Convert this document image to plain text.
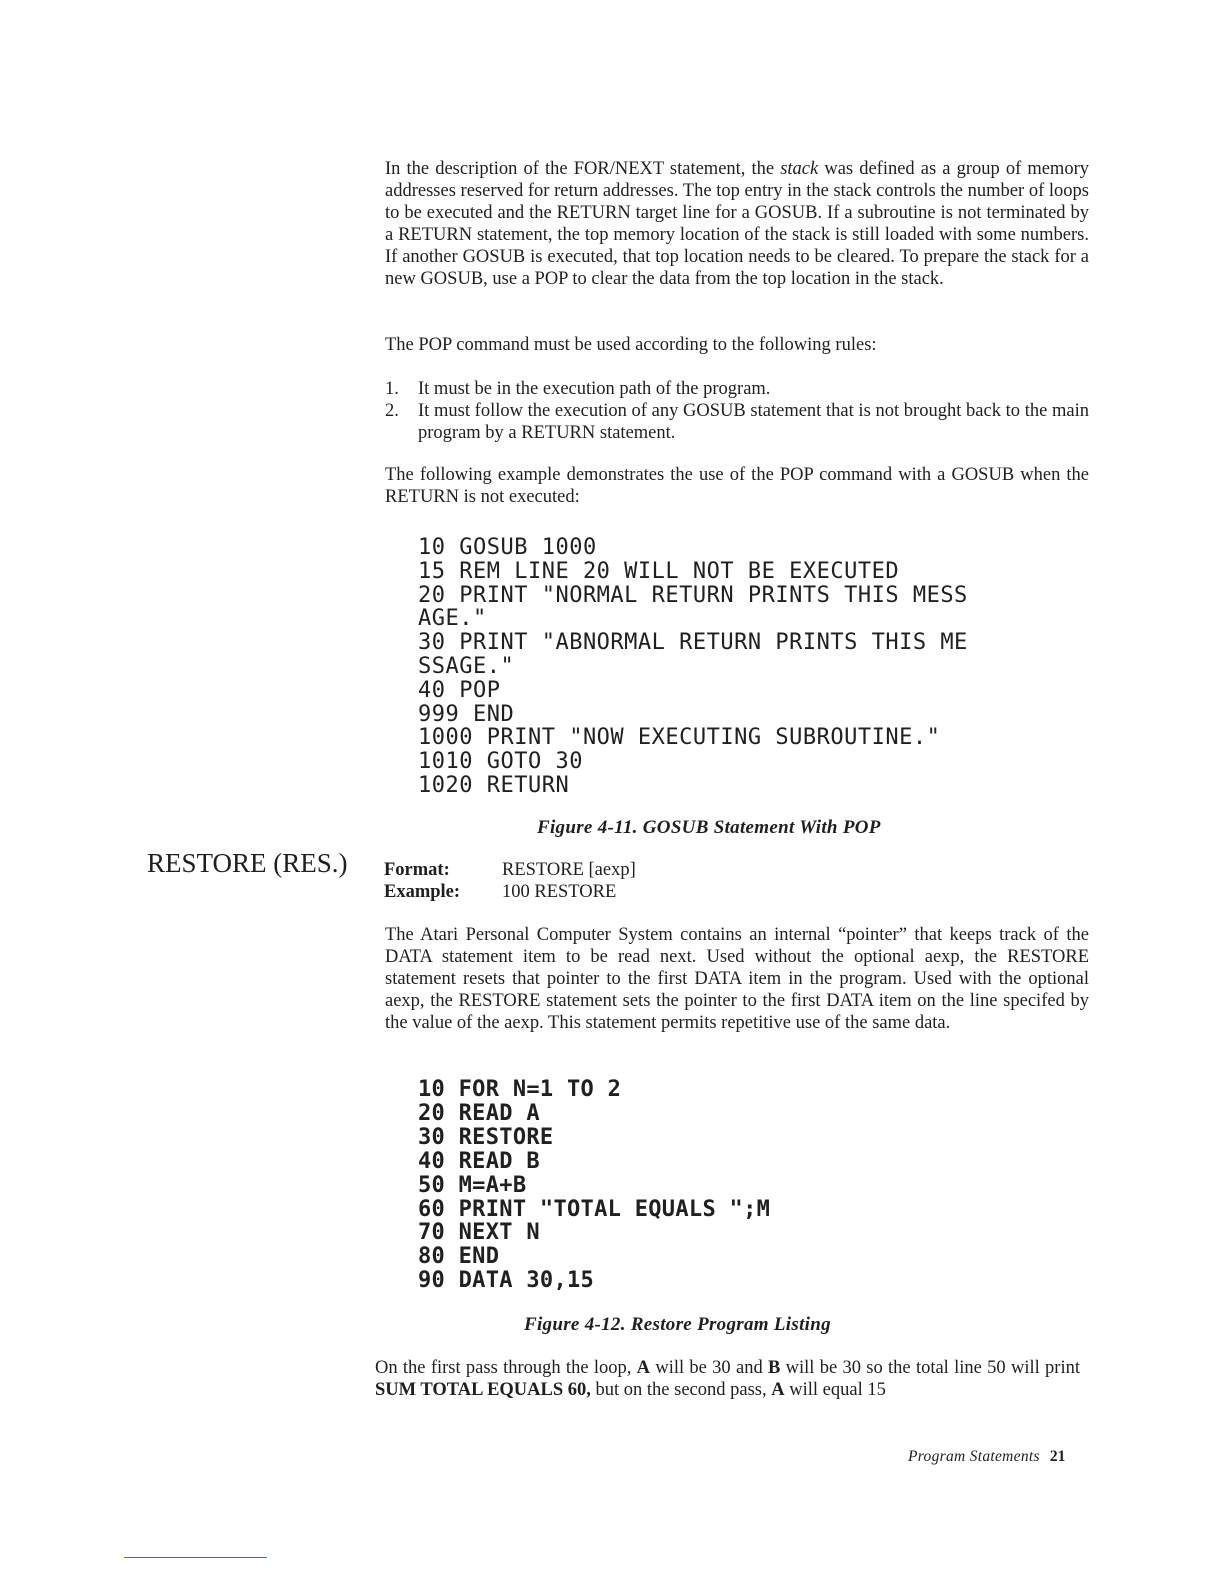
In the description of the FOR/NEXT statement, the stack was defined as a group of memory addresses reserved for return addresses. The top entry in the stack controls the number of loops to be executed and the RETURN target line for a GOSUB. If a subroutine is not terminated by a RETURN statement, the top memory location of the stack is still loaded with some numbers. If another GOSUB is executed, that top location needs to be cleared. To prepare the stack for a new GOSUB, use a POP to clear the data from the top location in the stack.

The POP command must be used according to the following rules:

1. It must be in the execution path of the program.
2. It must follow the execution of any GOSUB statement that is not brought back to the main program by a RETURN statement.

The following example demonstrates the use of the POP command with a GOSUB when the RETURN is not executed:

10 GOSUB 1000
15 REM LINE 20 WILL NOT BE EXECUTED
20 PRINT "NORMAL RETURN PRINTS THIS MESS
AGE."
30 PRINT "ABNORMAL RETURN PRINTS THIS ME
SSAGE."
40 POP
999 END
1000 PRINT "NOW EXECUTING SUBROUTINE."
1010 GOTO 30
1020 RETURN
Figure 4-11. GOSUB Statement With POP
RESTORE (RES.) Format:	RESTORE [aexp]
Example: 100 RESTORE

The Atari Personal Computer System contains an internal “pointer” that keeps track of the DATA statement item to be read next. Used without the optional aexp, the RESTORE statement resets that pointer to the first DATA item in the program. Used with the optional aexp, the RESTORE statement sets the pointer to the first DATA item on the line specifed by the value of the aexp. This statement permits repetitive use of the same data.

10 FOR N=1 TO 2
20 READ A
30 RESTORE
40 READ B
50 M=A+B
60 PRINT "TOTAL EQUALS ";M
70 NEXT N
80 END
90 DATA 30,15
Figure 4-12. Restore Program Listing

On the first pass through the loop, A will be 30 and B will be 30 so the total line 50 will print SUM TOTAL EQUALS 60, but on the second pass, A will equal 15

Program Statements 21
